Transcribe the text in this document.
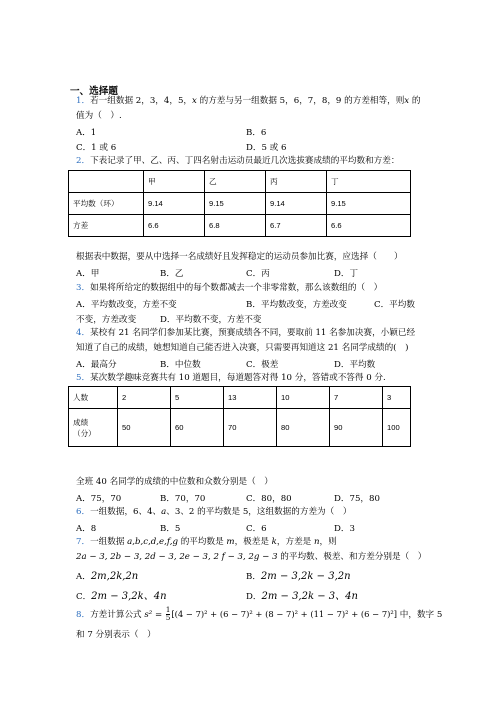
一、选择题
1．若一组数据 2，3，4，5，x 的方差与另一组数据 5，6，7，8，9 的方差相等，则x 的
值为（　）.
A．1	B．6
C．1 或 6	D．5 或 6
2．下表记录了甲、乙、丙、丁四名射击运动员最近几次选拔赛成绩的平均数和方差：
	甲	乙	丙	丁
平均数（环）	9.14	9.15	9.14	9.15
方差	6.6	6.8	6.7	6.6
根据表中数据，要从中选择一名成绩好且发挥稳定的运动员参加比赛，应选择（　　）
A．甲	B．乙	C．丙	D．丁
3．如果将所给定的数据组中的每个数都减去一个非零常数，那么该数组的（　）
A．平均数改变，方差不变	B．平均数改变，方差改变	C．平均数
不变，方差改变	D．平均数不变，方差不变
4．某校有 21 名同学们参加某比赛，预赛成绩各不同，要取前 11 名参加决赛，小颖已经
知道了自己的成绩，她想知道自己能否进入决赛，只需要再知道这 21 名同学成绩的(　)
A．最高分	B．中位数	C．极差	D．平均数
5．某次数学趣味竞赛共有 10 道题目，每道题答对得 10 分，答错或不答得 0 分.
人数	2	5	13	10	7	3
成绩
（分）	50	60	70	80	90	100
全班 40 名同学的成绩的中位数和众数分别是（　）
A．75，70	B．70，70	C．80，80	D．75，80
6．一组数据，6、4、a、3、2 的平均数是 5，这组数据的方差为（　）
A．8	B．5	C．6	D．3
7．一组数据 a,b,c,d,e,f,g 的平均数是 m，极差是 k，方差是 n，则
2a − 3, 2b − 3, 2d − 3, 2e − 3, 2 f − 3, 2g − 3 的平均数、极差、和方差分别是（　）
A．2m,2k,2n	B．2m − 3,2k − 3,2n
C．2m − 3,2k、4n	D．2m − 3,2k − 3、4n
8．方差计算公式 $s^2 = \frac{1}{5} [(4 - 7)^2 + (6 - 7)^2 + (8 - 7)^2 + (11 - 7)^2 + (6 - 7)^2]$ 中，数字 5
和 7 分别表示（　）
